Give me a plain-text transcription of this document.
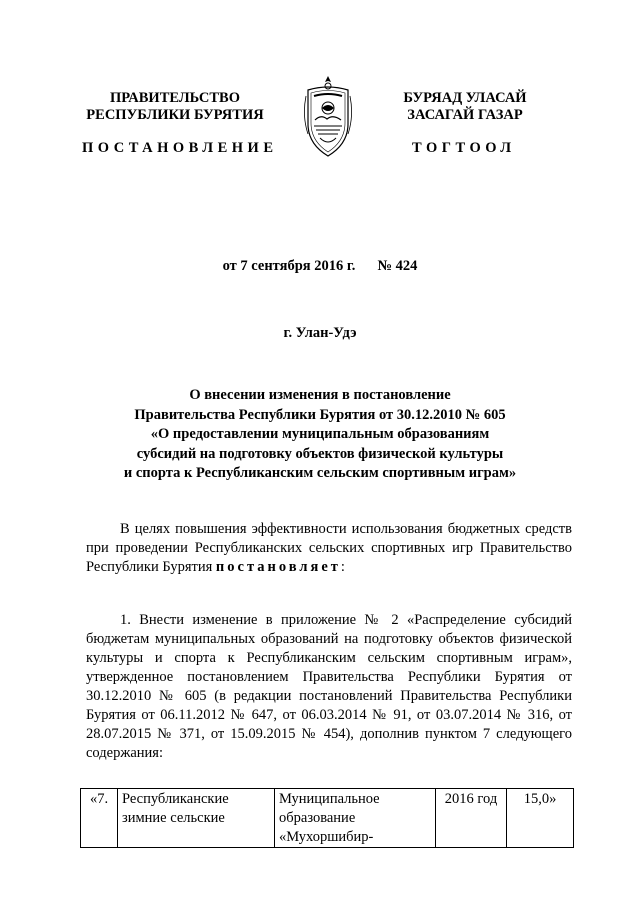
ПРАВИТЕЛЬСТВО
РЕСПУБЛИКИ БУРЯТИЯ
БУРЯАД УЛАСАЙ
ЗАСАГАЙ ГАЗАР
ПОСТАНОВЛЕНИЕ	ТОГТООЛ
от 7 сентября 2016 г. № 424
г. Улан-Удэ
О внесении изменения в постановление
Правительства Республики Бурятия от 30.12.2010 № 605
«О предоставлении муниципальным образованиям
субсидий на подготовку объектов физической культуры
и спорта к Республиканским сельским спортивным играм»
В целях повышения эффективности использования бюджетных средств при проведении Республиканских сельских спортивных игр Правительство Республики Бурятия постановляет:
1. Внести изменение в приложение № 2 «Распределение субсидий бюджетам муниципальных образований на подготовку объектов физической культуры и спорта к Республиканским сельским спортивным играм», утвержденное постановлением Правительства Республики Бурятия от 30.12.2010 № 605 (в редакции постановлений Правительства Республики Бурятия от 06.11.2012 № 647, от 06.03.2014 № 91, от 03.07.2014 № 316, от 28.07.2015 № 371, от 15.09.2015 № 454), дополнив пунктом 7 следующего содержания:
«7.	Республиканские зимние сельские	Муниципальное образование «Мухоршибир-	2016 год	15,0»
